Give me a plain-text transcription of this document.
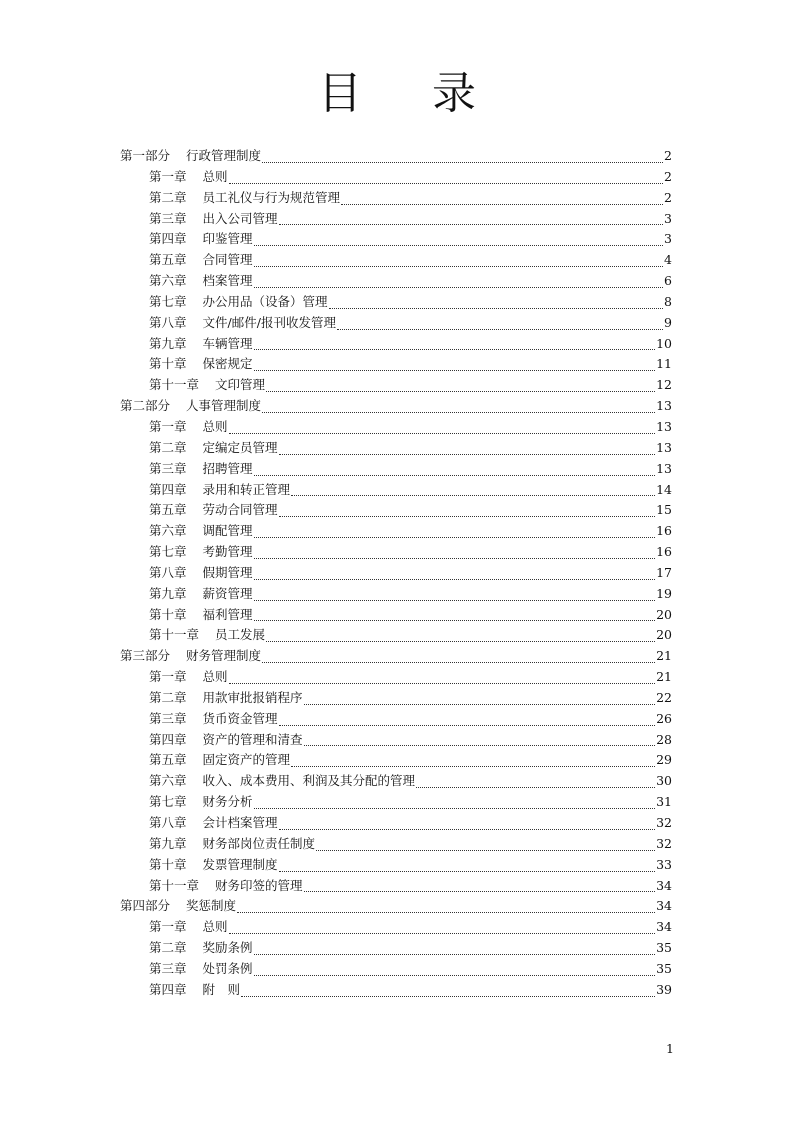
目 录
第一部分 行政管理制度	2
第一章 总则	2
第二章 员工礼仪与行为规范管理	2
第三章 出入公司管理	3
第四章 印鉴管理	3
第五章 合同管理	4
第六章 档案管理	6
第七章 办公用品（设备）管理	8
第八章 文件/邮件/报刊收发管理	9
第九章 车辆管理	10
第十章 保密规定	11
第十一章 文印管理	12
第二部分 人事管理制度	13
第一章 总则	13
第二章 定编定员管理	13
第三章 招聘管理	13
第四章 录用和转正管理	14
第五章 劳动合同管理	15
第六章 调配管理	16
第七章 考勤管理	16
第八章 假期管理	17
第九章 薪资管理	19
第十章 福利管理	20
第十一章 员工发展	20
第三部分 财务管理制度	21
第一章 总则	21
第二章 用款审批报销程序	22
第三章 货币资金管理	26
第四章 资产的管理和清查	28
第五章 固定资产的管理	29
第六章 收入、成本费用、利润及其分配的管理	30
第七章 财务分析	31
第八章 会计档案管理	32
第九章 财务部岗位责任制度	32
第十章 发票管理制度	33
第十一章 财务印签的管理	34
第四部分 奖惩制度	34
第一章 总则	34
第二章 奖励条例	35
第三章 处罚条例	35
第四章 附　则	39
1
